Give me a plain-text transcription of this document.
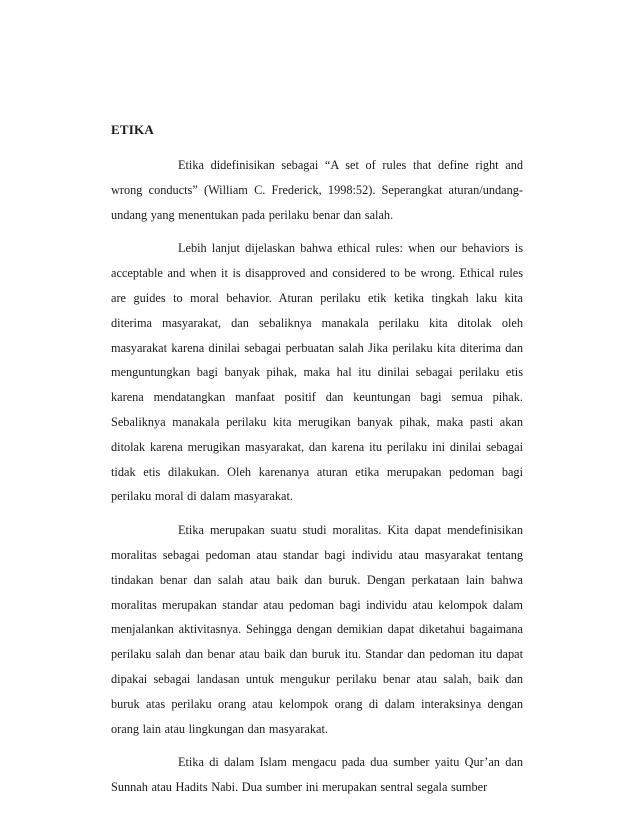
ETIKA

Etika didefinisikan sebagai “A set of rules that define right and wrong conducts” (William C. Frederick, 1998:52). Seperangkat aturan/undang-undang yang menentukan pada perilaku benar dan salah.

Lebih lanjut dijelaskan bahwa ethical rules: when our behaviors is acceptable and when it is disapproved and considered to be wrong. Ethical rules are guides to moral behavior. Aturan perilaku etik ketika tingkah laku kita diterima masyarakat, dan sebaliknya manakala perilaku kita ditolak oleh masyarakat karena dinilai sebagai perbuatan salah Jika perilaku kita diterima dan menguntungkan bagi banyak pihak, maka hal itu dinilai sebagai perilaku etis karena mendatangkan manfaat positif dan keuntungan bagi semua pihak. Sebaliknya manakala perilaku kita merugikan banyak pihak, maka pasti akan ditolak karena merugikan masyarakat, dan karena itu perilaku ini dinilai sebagai tidak etis dilakukan. Oleh karenanya aturan etika merupakan pedoman bagi perilaku moral di dalam masyarakat.

Etika merupakan suatu studi moralitas. Kita dapat mendefinisikan moralitas sebagai pedoman atau standar bagi individu atau masyarakat tentang tindakan benar dan salah atau baik dan buruk. Dengan perkataan lain bahwa moralitas merupakan standar atau pedoman bagi individu atau kelompok dalam menjalankan aktivitasnya. Sehingga dengan demikian dapat diketahui bagaimana perilaku salah dan benar atau baik dan buruk itu. Standar dan pedoman itu dapat dipakai sebagai landasan untuk mengukur perilaku benar atau salah, baik dan buruk atas perilaku orang atau kelompok orang di dalam interaksinya dengan orang lain atau lingkungan dan masyarakat.

Etika di dalam Islam mengacu pada dua sumber yaitu Qur’an dan Sunnah atau Hadits Nabi. Dua sumber ini merupakan sentral segala sumber
